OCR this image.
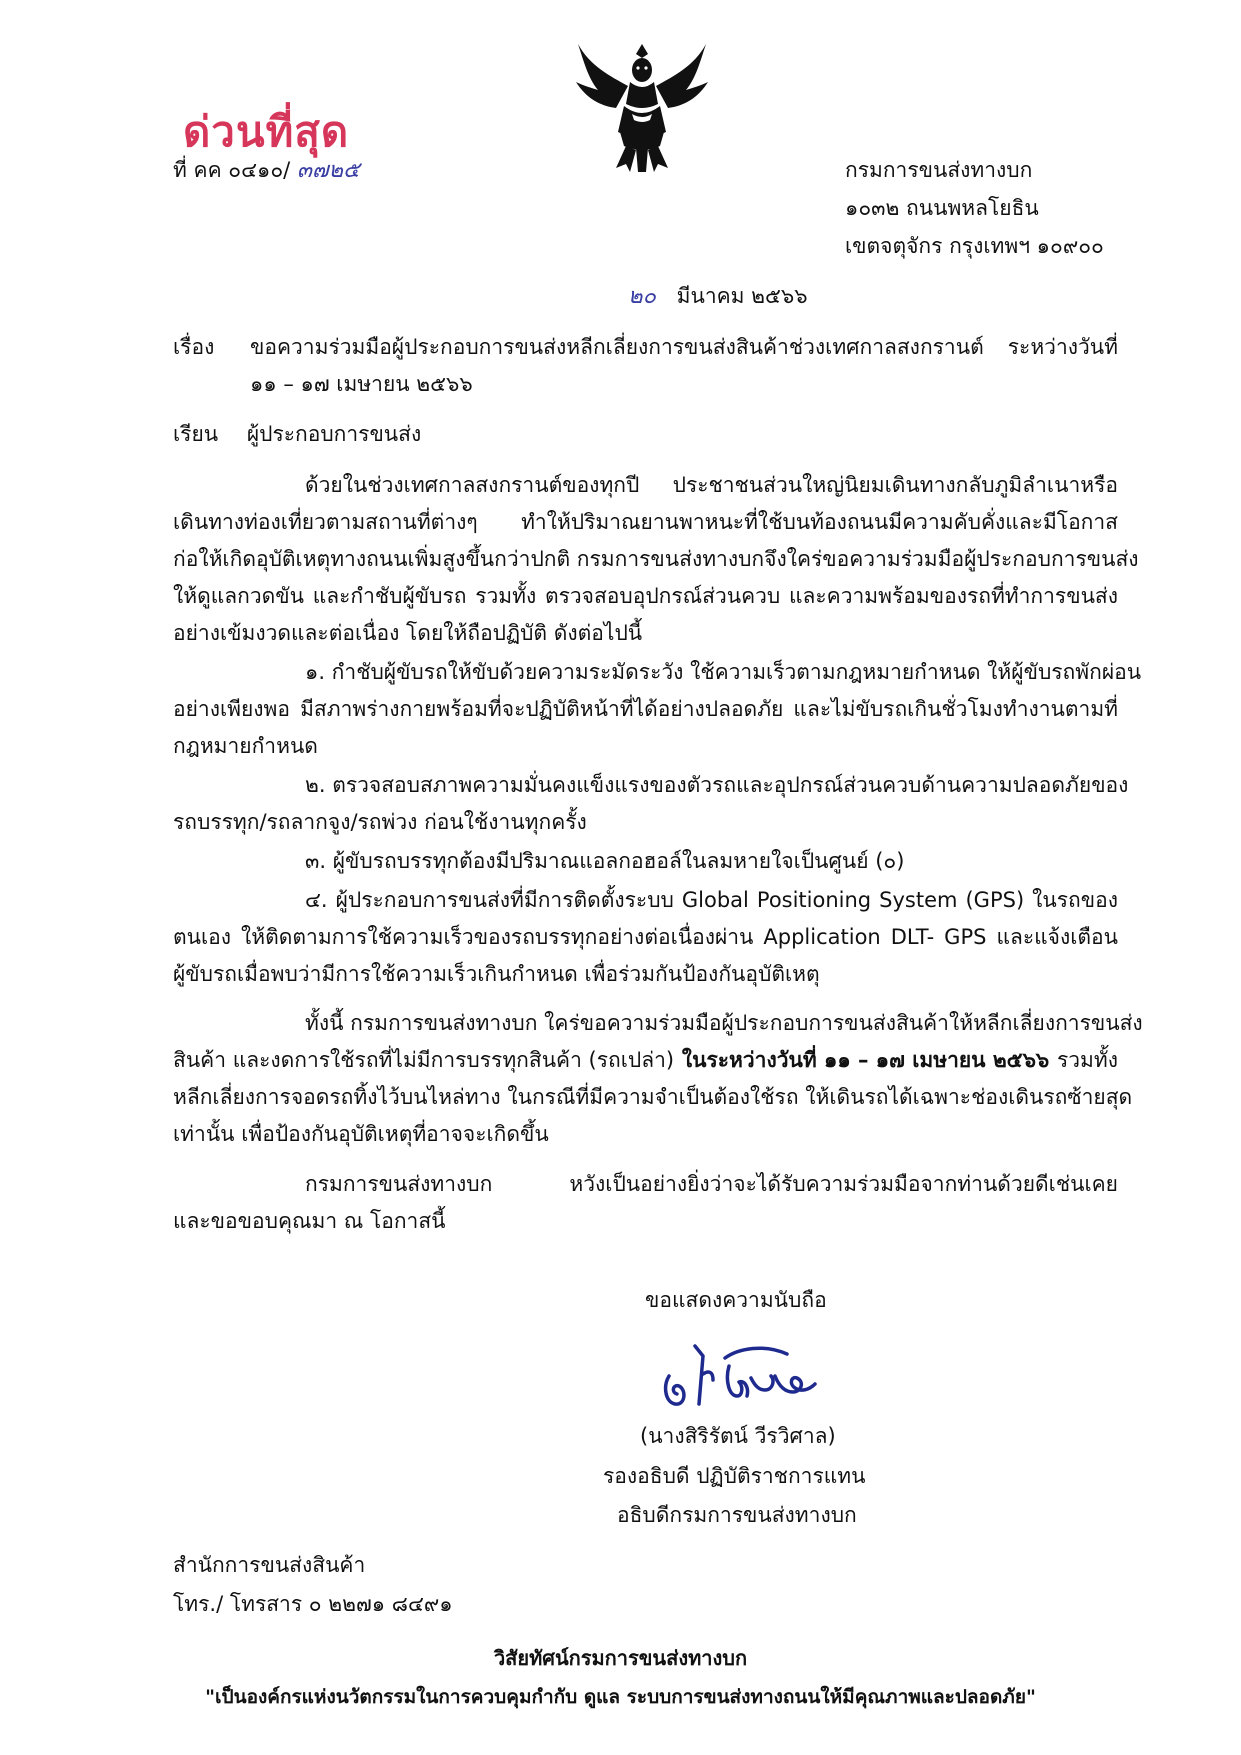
ด่วนที่สุด
ที่ คค ๐๔๑๐/ ๓๗๒๕	กรมการขนส่งทางบก
๑๐๓๒ ถนนพหลโยธิน
เขตจตุจักร กรุงเทพฯ ๑๐๙๐๐
๒๐ มีนาคม ๒๕๖๖
เรื่อง ขอความร่วมมือผู้ประกอบการขนส่งหลีกเลี่ยงการขนส่งสินค้าช่วงเทศกาลสงกรานต์ ระหว่างวันที่
๑๑ – ๑๗ เมษายน ๒๕๖๖
เรียน ผู้ประกอบการขนส่ง
ด้วยในช่วงเทศกาลสงกรานต์ของทุกปี ประชาชนส่วนใหญ่นิยมเดินทางกลับภูมิลำเนาหรือ
เดินทางท่องเที่ยวตามสถานที่ต่างๆ ทำให้ปริมาณยานพาหนะที่ใช้บนท้องถนนมีความคับคั่งและมีโอกาส
ก่อให้เกิดอุบัติเหตุทางถนนเพิ่มสูงขึ้นกว่าปกติ กรมการขนส่งทางบกจึงใคร่ขอความร่วมมือผู้ประกอบการขนส่ง
ให้ดูแลกวดขัน และกำชับผู้ขับรถ รวมทั้ง ตรวจสอบอุปกรณ์ส่วนควบ และความพร้อมของรถที่ทำการขนส่ง
อย่างเข้มงวดและต่อเนื่อง โดยให้ถือปฏิบัติ ดังต่อไปนี้
๑. กำชับผู้ขับรถให้ขับด้วยความระมัดระวัง ใช้ความเร็วตามกฎหมายกำหนด ให้ผู้ขับรถพักผ่อน
อย่างเพียงพอ มีสภาพร่างกายพร้อมที่จะปฏิบัติหน้าที่ได้อย่างปลอดภัย และไม่ขับรถเกินชั่วโมงทำงานตามที่
กฎหมายกำหนด
๒. ตรวจสอบสภาพความมั่นคงแข็งแรงของตัวรถและอุปกรณ์ส่วนควบด้านความปลอดภัยของ
รถบรรทุก/รถลากจูง/รถพ่วง ก่อนใช้งานทุกครั้ง
๓. ผู้ขับรถบรรทุกต้องมีปริมาณแอลกอฮอล์ในลมหายใจเป็นศูนย์ (๐)
๔. ผู้ประกอบการขนส่งที่มีการติดตั้งระบบ Global Positioning System (GPS) ในรถของ
ตนเอง ให้ติดตามการใช้ความเร็วของรถบรรทุกอย่างต่อเนื่องผ่าน Application DLT- GPS และแจ้งเตือน
ผู้ขับรถเมื่อพบว่ามีการใช้ความเร็วเกินกำหนด เพื่อร่วมกันป้องกันอุบัติเหตุ
ทั้งนี้ กรมการขนส่งทางบก ใคร่ขอความร่วมมือผู้ประกอบการขนส่งสินค้าให้หลีกเลี่ยงการขนส่ง
สินค้า และงดการใช้รถที่ไม่มีการบรรทุกสินค้า (รถเปล่า) ในระหว่างวันที่ ๑๑ – ๑๗ เมษายน ๒๕๖๖ รวมทั้ง
หลีกเลี่ยงการจอดรถทิ้งไว้บนไหล่ทาง ในกรณีที่มีความจำเป็นต้องใช้รถ ให้เดินรถได้เฉพาะช่องเดินรถซ้ายสุด
เท่านั้น เพื่อป้องกันอุบัติเหตุที่อาจจะเกิดขึ้น
กรมการขนส่งทางบก หวังเป็นอย่างยิ่งว่าจะได้รับความร่วมมือจากท่านด้วยดีเช่นเคย
และขอขอบคุณมา ณ โอกาสนี้
ขอแสดงความนับถือ
(นางสิริรัตน์ วีรวิศาล)
รองอธิบดี ปฏิบัติราชการแทน
อธิบดีกรมการขนส่งทางบก
สำนักการขนส่งสินค้า
โทร./ โทรสาร ๐ ๒๒๗๑ ๘๔๙๑
วิสัยทัศน์กรมการขนส่งทางบก
"เป็นองค์กรแห่งนวัตกรรมในการควบคุมกำกับ ดูแล ระบบการขนส่งทางถนนให้มีคุณภาพและปลอดภัย"
